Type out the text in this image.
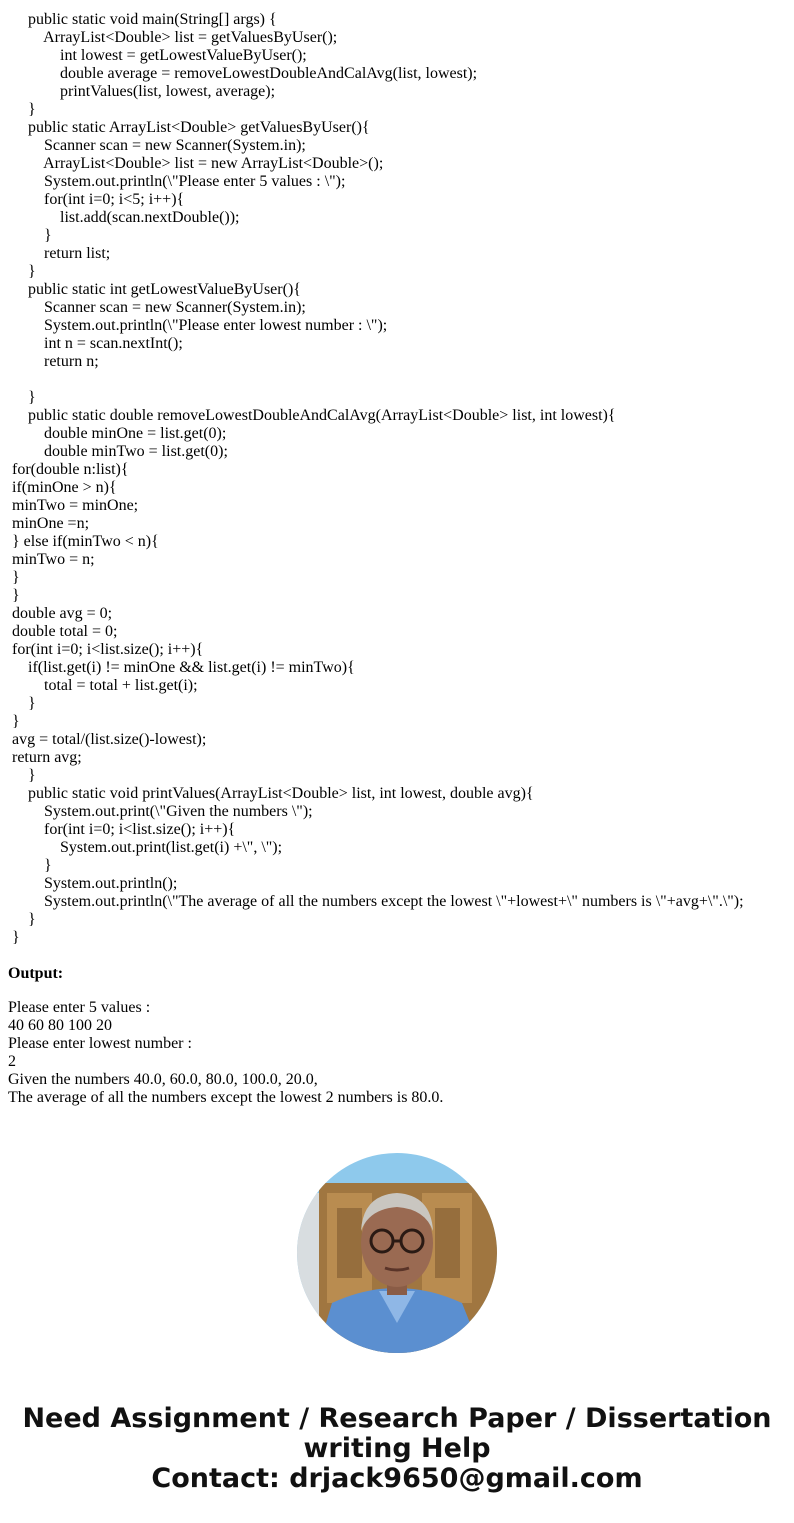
public static void main(String[] args) {
ArrayList<Double> list = getValuesByUser();
int lowest = getLowestValueByUser();
double average = removeLowestDoubleAndCalAvg(list, lowest);
printValues(list, lowest, average);
}
public static ArrayList<Double> getValuesByUser(){
Scanner scan = new Scanner(System.in);
ArrayList<Double> list = new ArrayList<Double>();
System.out.println(\"Please enter 5 values : \");
for(int i=0; i<5; i++){
list.add(scan.nextDouble());
}
return list;
}
public static int getLowestValueByUser(){
Scanner scan = new Scanner(System.in);
System.out.println(\"Please enter lowest number : \");
int n = scan.nextInt();
return n;
}
public static double removeLowestDoubleAndCalAvg(ArrayList<Double> list, int lowest){
double minOne = list.get(0);
double minTwo = list.get(0);
for(double n:list){
if(minOne > n){
minTwo = minOne;
minOne =n;
} else if(minTwo < n){
minTwo = n;
}
}
double avg = 0;
double total = 0;
for(int i=0; i<list.size(); i++){
if(list.get(i) != minOne && list.get(i) != minTwo){
total = total + list.get(i);
}
}
avg = total/(list.size()-lowest);
return avg;
}
public static void printValues(ArrayList<Double> list, int lowest, double avg){
System.out.print(\"Given the numbers \");
for(int i=0; i<list.size(); i++){
System.out.print(list.get(i) +\", \");
}
System.out.println();
System.out.println(\"The average of all the numbers except the lowest \"+lowest+\" numbers is \"+avg+\".\");
}
}
Output:
Please enter 5 values :
40 60 80 100 20
Please enter lowest number :
2
Given the numbers 40.0, 60.0, 80.0, 100.0, 20.0,
The average of all the numbers except the lowest 2 numbers is 80.0.
Need Assignment / Research Paper / Dissertation
writing Help
Contact: drjack9650@gmail.com
